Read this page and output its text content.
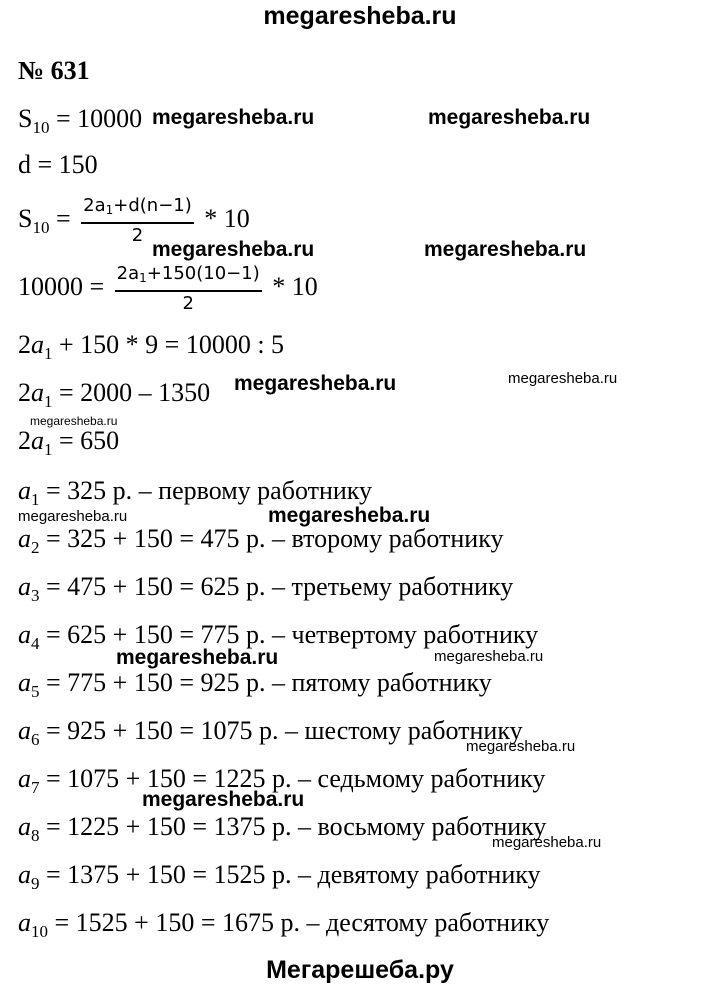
megaresheba.ru
№ 631
$S_{10} = 10000$
d = 150
$S_{10} = \frac{2a1+d(n-1)}{2} * 10$
$10000 = \frac{2a1+150(10-1)}{2} * 10$
$2a_1 + 150 * 9 = 10000$ : 5
$2a_1 = 2000 - 1350$
$2a_1 = 650$
$a_1 = 325$ р. – первому работнику
$a_2 = 325 + 150 = 475$ р. – второму работнику
$a_3 = 475 + 150 = 625$ р. – третьему работнику
$a_4 = 625 + 150 = 775$ р. – четвертому работнику
$a_5 = 775 + 150 = 925$ р. – пятому работнику
$a_6 = 925 + 150 = 1075$ р. – шестому работнику
$a_7 = 1075 + 150 = 1225$ р. – седьмому работнику
$a_8 = 1225 + 150 = 1375$ р. – восьмому работнику
$a_9 = 1375 + 150 = 1525$ р. – девятому работнику
$a_{10} = 1525 + 150 = 1675$ р. – десятому работнику
megaresheba.ru	megaresheba.ru
megaresheba.ru	megaresheba.ru
megaresheba.ru	megaresheba.ru
megaresheba.ru
megaresheba.ru	megaresheba.ru
megaresheba.ru	megaresheba.ru
megaresheba.ru
megaresheba.ru
megaresheba.ru
Мегарешеба.ру
